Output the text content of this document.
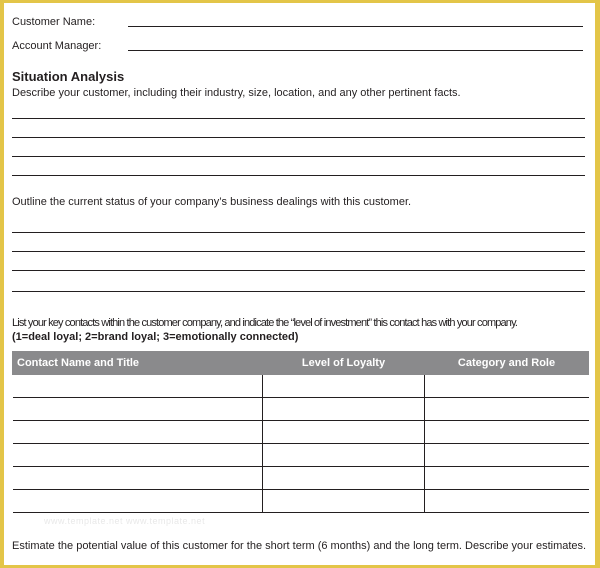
Customer Name:
Account Manager:
Situation Analysis
Describe your customer, including their industry, size, location, and any other pertinent facts.
Outline the current status of your company’s business dealings with this customer.
List your key contacts within the customer company, and indicate the “level of investment” this contact has with your company.
(1=deal loyal; 2=brand loyal; 3=emotionally connected)
Contact Name and Title	Level of Loyalty	Category and Role

www.template.net www.template.net
Estimate the potential value of this customer for the short term (6 months) and the long term. Describe your estimates.
